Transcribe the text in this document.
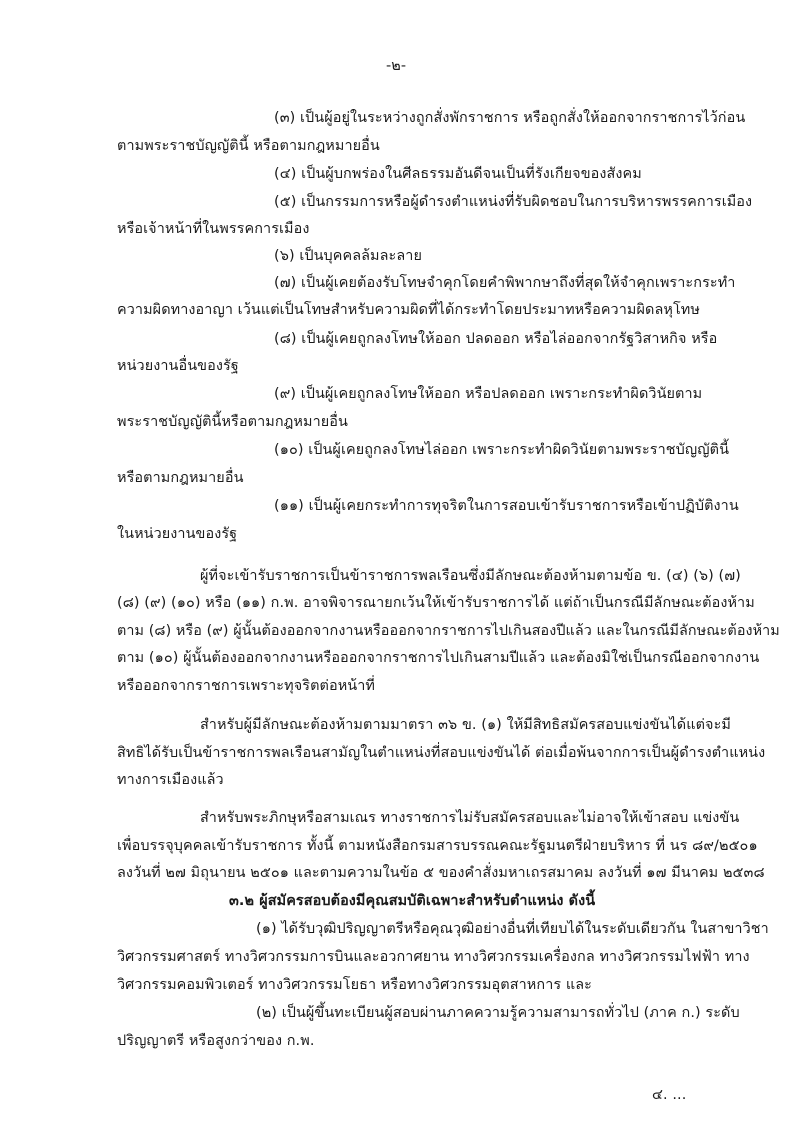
-๒-
(๓) เป็นผู้อยู่ในระหว่างถูกสั่งพักราชการ หรือถูกสั่งให้ออกจากราชการไว้ก่อน
ตามพระราชบัญญัตินี้ หรือตามกฎหมายอื่น
(๔) เป็นผู้บกพร่องในศีลธรรมอันดีจนเป็นที่รังเกียจของสังคม
(๕) เป็นกรรมการหรือผู้ดำรงตำแหน่งที่รับผิดชอบในการบริหารพรรคการเมือง
หรือเจ้าหน้าที่ในพรรคการเมือง
(๖) เป็นบุคคลล้มละลาย
(๗) เป็นผู้เคยต้องรับโทษจำคุกโดยคำพิพากษาถึงที่สุดให้จำคุกเพราะกระทำ
ความผิดทางอาญา เว้นแต่เป็นโทษสำหรับความผิดที่ได้กระทำโดยประมาทหรือความผิดลหุโทษ
(๘) เป็นผู้เคยถูกลงโทษให้ออก ปลดออก หรือไล่ออกจากรัฐวิสาหกิจ หรือ
หน่วยงานอื่นของรัฐ
(๙) เป็นผู้เคยถูกลงโทษให้ออก หรือปลดออก เพราะกระทำผิดวินัยตาม
พระราชบัญญัตินี้หรือตามกฎหมายอื่น
(๑๐) เป็นผู้เคยถูกลงโทษไล่ออก เพราะกระทำผิดวินัยตามพระราชบัญญัตินี้
หรือตามกฎหมายอื่น
(๑๑) เป็นผู้เคยกระทำการทุจริตในการสอบเข้ารับราชการหรือเข้าปฏิบัติงาน
ในหน่วยงานของรัฐ
ผู้ที่จะเข้ารับราชการเป็นข้าราชการพลเรือนซึ่งมีลักษณะต้องห้ามตามข้อ ข. (๔) (๖) (๗)
(๘) (๙) (๑๐) หรือ (๑๑) ก.พ. อาจพิจารณายกเว้นให้เข้ารับราชการได้ แต่ถ้าเป็นกรณีมีลักษณะต้องห้าม
ตาม (๘) หรือ (๙) ผู้นั้นต้องออกจากงานหรือออกจากราชการไปเกินสองปีแล้ว และในกรณีมีลักษณะต้องห้าม
ตาม (๑๐) ผู้นั้นต้องออกจากงานหรือออกจากราชการไปเกินสามปีแล้ว และต้องมิใช่เป็นกรณีออกจากงาน
หรือออกจากราชการเพราะทุจริตต่อหน้าที่
สำหรับผู้มีลักษณะต้องห้ามตามมาตรา ๓๖ ข. (๑) ให้มีสิทธิสมัครสอบแข่งขันได้แต่จะมี
สิทธิได้รับเป็นข้าราชการพลเรือนสามัญในตำแหน่งที่สอบแข่งขันได้ ต่อเมื่อพ้นจากการเป็นผู้ดำรงตำแหน่ง
ทางการเมืองแล้ว
สำหรับพระภิกษุหรือสามเณร ทางราชการไม่รับสมัครสอบและไม่อาจให้เข้าสอบ แข่งขัน
เพื่อบรรจุบุคคลเข้ารับราชการ ทั้งนี้ ตามหนังสือกรมสารบรรณคณะรัฐมนตรีฝ่ายบริหาร ที่ นร ๘๙/๒๕๐๑
ลงวันที่ ๒๗ มิถุนายน ๒๕๐๑ และตามความในข้อ ๕ ของคำสั่งมหาเถรสมาคม ลงวันที่ ๑๗ มีนาคม ๒๕๓๘
๓.๒ ผู้สมัครสอบต้องมีคุณสมบัติเฉพาะสำหรับตำแหน่ง ดังนี้
(๑) ได้รับวุฒิปริญญาตรีหรือคุณวุฒิอย่างอื่นที่เทียบได้ในระดับเดียวกัน ในสาขาวิชา
วิศวกรรมศาสตร์ ทางวิศวกรรมการบินและอวกาศยาน ทางวิศวกรรมเครื่องกล ทางวิศวกรรมไฟฟ้า ทาง
วิศวกรรมคอมพิวเตอร์ ทางวิศวกรรมโยธา หรือทางวิศวกรรมอุตสาหการ และ
(๒) เป็นผู้ขึ้นทะเบียนผู้สอบผ่านภาคความรู้ความสามารถทั่วไป (ภาค ก.) ระดับ
ปริญญาตรี หรือสูงกว่าของ ก.พ.
๔. ...
